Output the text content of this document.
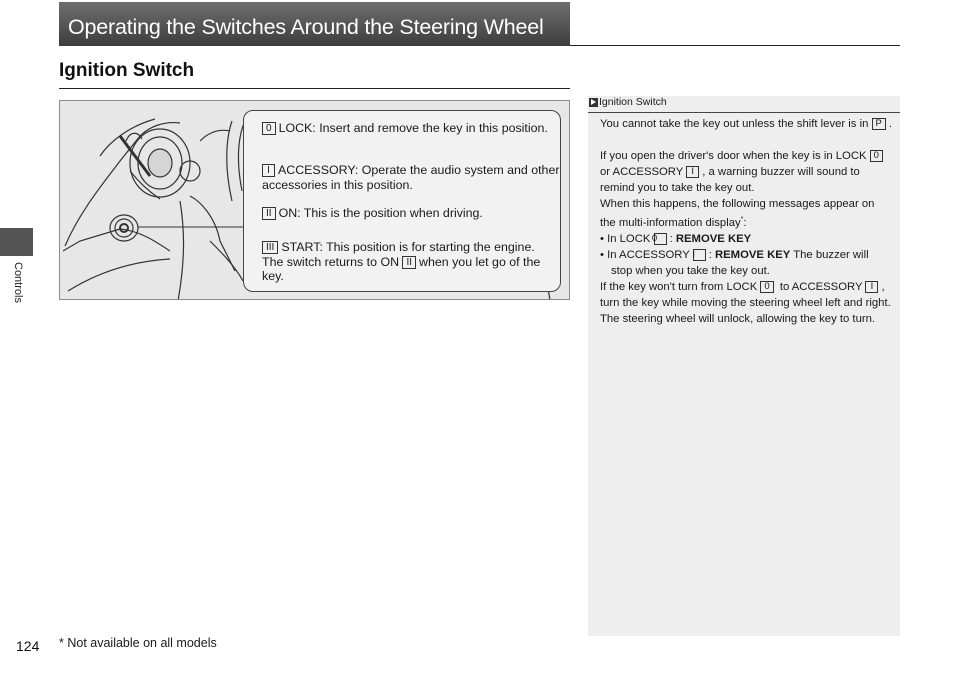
Operating the Switches Around the Steering Wheel
Ignition Switch
Controls

0 LOCK: Insert and remove the key in this position.

I ACCESSORY: Operate the audio system and other accessories in this position.

II ON: This is the position when driving.

III START: This position is for starting the engine. The switch returns to ON II when you let go of the key.

Ignition Switch

You cannot take the key out unless the shift lever is in P .

If you open the driver's door when the key is in LOCK 0 or ACCESSORY I , a warning buzzer will sound to remind you to take the key out.

When this happens, the following messages appear on the multi-information display*:

• In LOCK 0 : REMOVE KEY

• In ACCESSORY I : REMOVE KEY The buzzer will stop when you take the key out.

If the key won't turn from LOCK 0 to ACCESSORY I , turn the key while moving the steering wheel left and right. The steering wheel will unlock, allowing the key to turn.

124 * Not available on all models
